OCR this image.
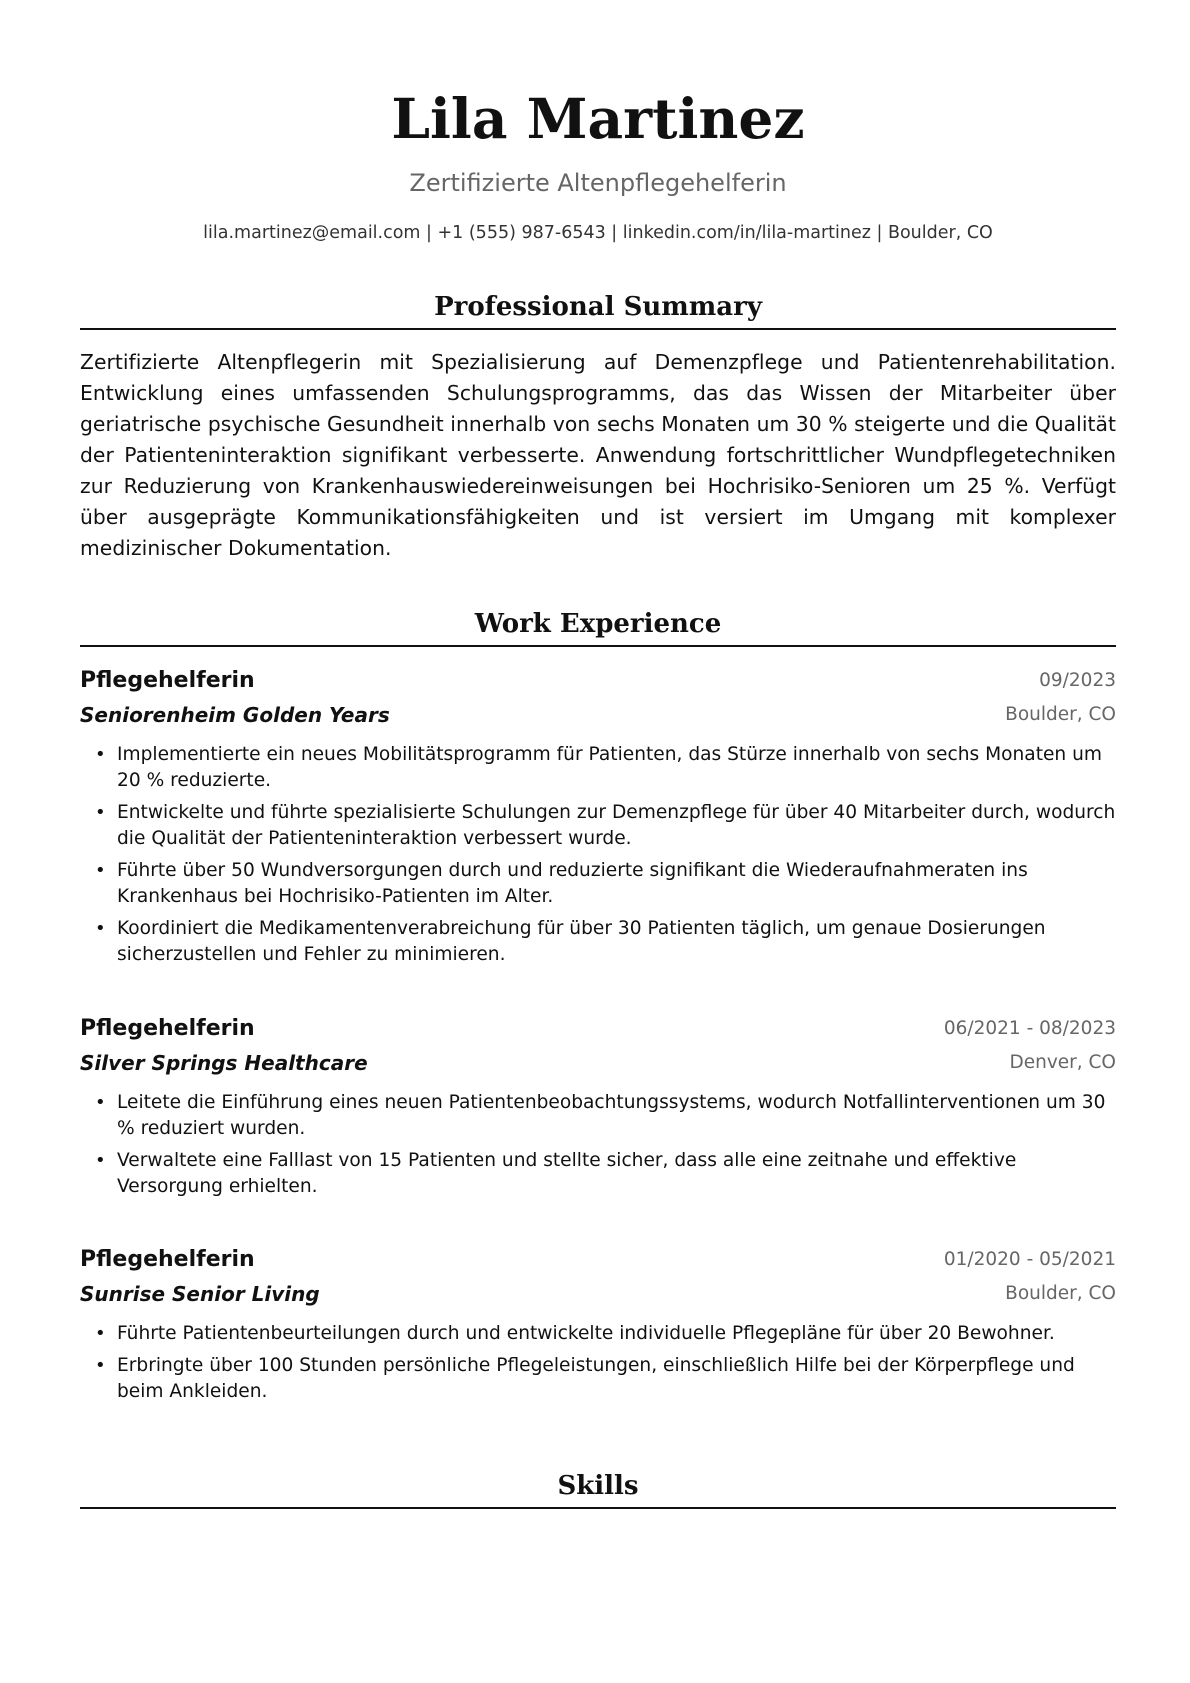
Lila Martinez
Zertifizierte Altenpflegehelferin
lila.martinez@email.com | +1 (555) 987-6543 | linkedin.com/in/lila-martinez | Boulder, CO
Professional Summary

Zertifizierte Altenpflegerin mit Spezialisierung auf Demenzpflege und Patientenrehabilitation. Entwicklung eines umfassenden Schulungsprogramms, das das Wissen der Mitarbeiter über geriatrische psychische Gesundheit innerhalb von sechs Monaten um 30 % steigerte und die Qualität der Patienteninteraktion signifikant verbesserte. Anwendung fortschrittlicher Wundpflegetechniken zur Reduzierung von Krankenhauswiedereinweisungen bei Hochrisiko-Senioren um 25 %. Verfügt über ausgeprägte Kommunikationsfähigkeiten und ist versiert im Umgang mit komplexer medizinischer Dokumentation.

Work Experience
Pflegehelferin	09/2023
Seniorenheim Golden Years	Boulder, CO
• Implementierte ein neues Mobilitätsprogramm für Patienten, das Stürze innerhalb von sechs Monaten um 20 % reduzierte.
• Entwickelte und führte spezialisierte Schulungen zur Demenzpflege für über 40 Mitarbeiter durch, wodurch die Qualität der Patienteninteraktion verbessert wurde.
• Führte über 50 Wundversorgungen durch und reduzierte signifikant die Wiederaufnahmeraten ins Krankenhaus bei Hochrisiko-Patienten im Alter.
• Koordiniert die Medikamentenverabreichung für über 30 Patienten täglich, um genaue Dosierungen sicherzustellen und Fehler zu minimieren.
Pflegehelferin	06/2021 - 08/2023
Silver Springs Healthcare	Denver, CO
• Leitete die Einführung eines neuen Patientenbeobachtungssystems, wodurch Notfallinterventionen um 30 % reduziert wurden.
• Verwaltete eine Falllast von 15 Patienten und stellte sicher, dass alle eine zeitnahe und effektive Versorgung erhielten.
Pflegehelferin	01/2020 - 05/2021
Sunrise Senior Living	Boulder, CO
• Führte Patientenbeurteilungen durch und entwickelte individuelle Pflegepläne für über 20 Bewohner.
• Erbringte über 100 Stunden persönliche Pflegeleistungen, einschließlich Hilfe bei der Körperpflege und beim Ankleiden.
Skills
